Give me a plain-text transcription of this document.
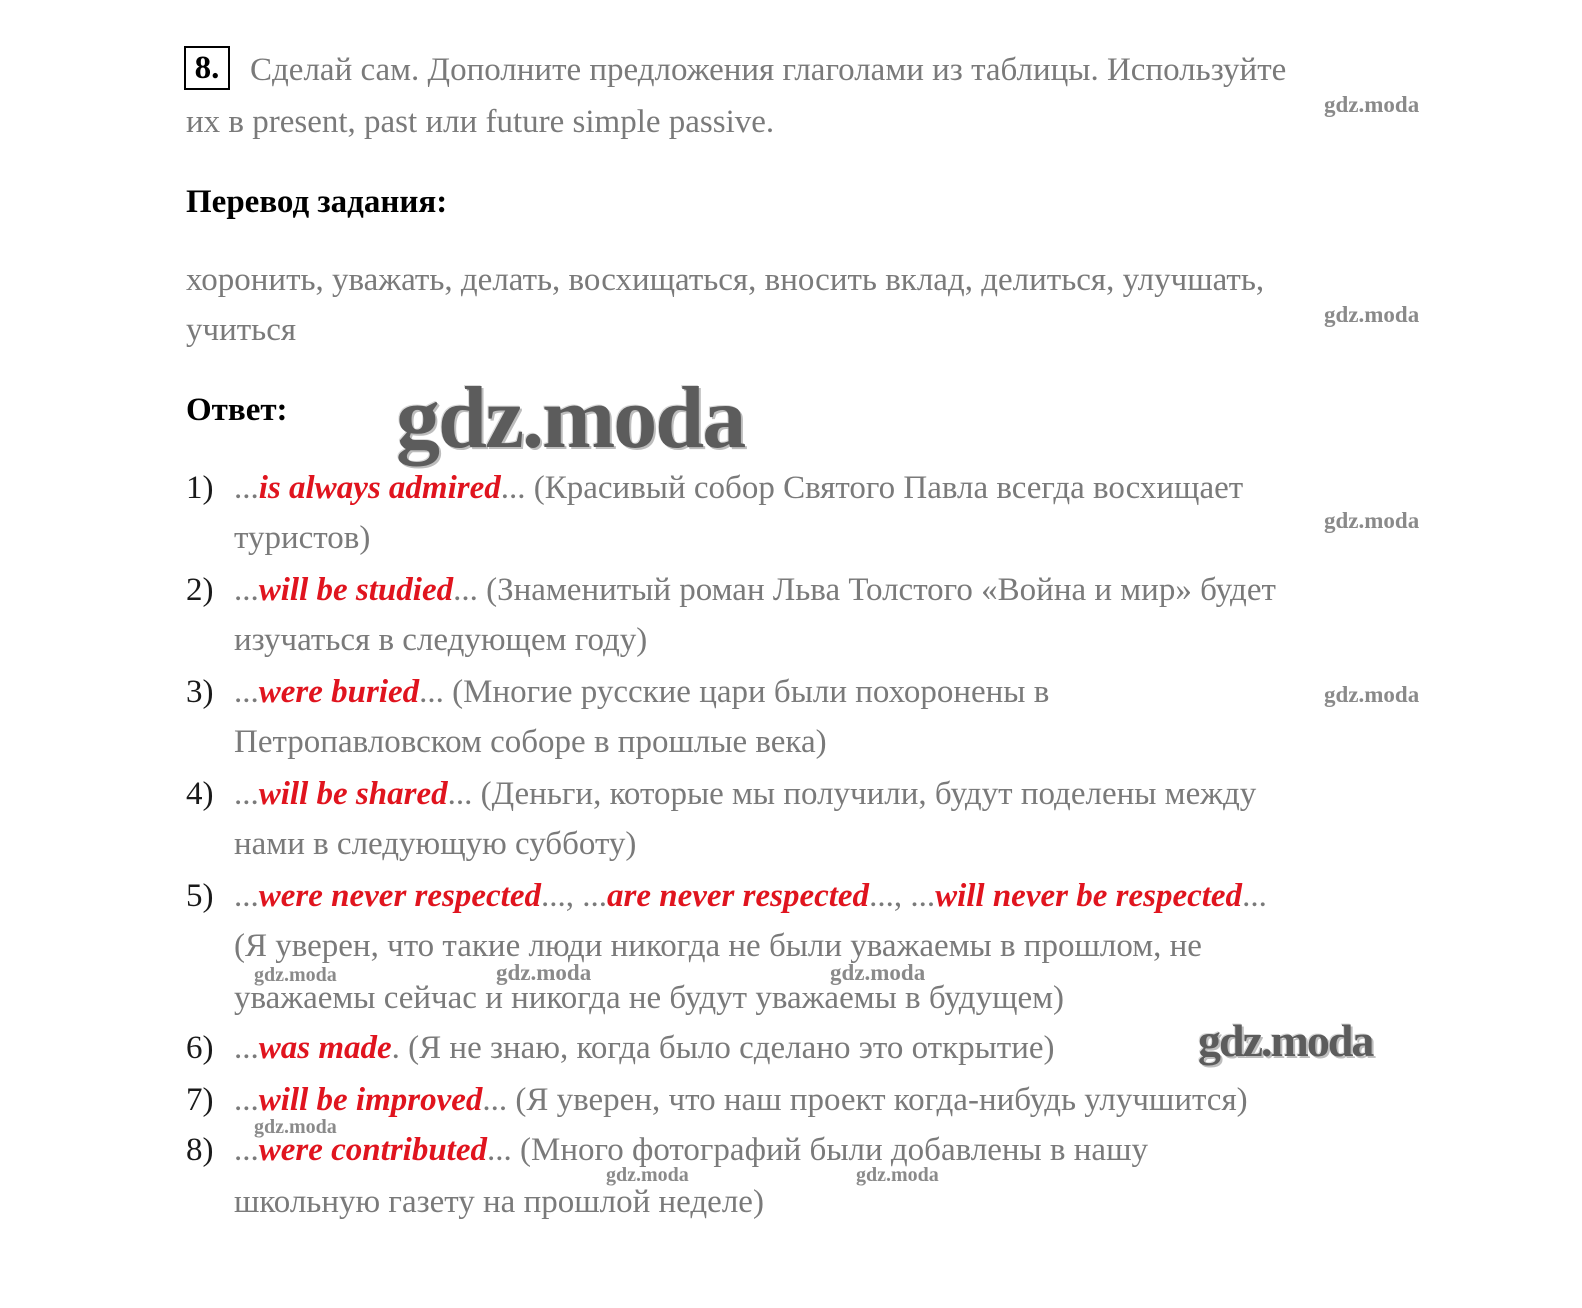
8. Сделай сам. Дополните предложения глаголами из таблицы. Используйте
их в present, past или future simple passive.
Перевод задания:
хоронить, уважать, делать, восхищаться, вносить вклад, делиться, улучшать,
учиться
Ответ:
1) ...is always admired... (Красивый собор Святого Павла всегда восхищает
туристов)
2) ...will be studied... (Знаменитый роман Льва Толстого «Война и мир» будет
изучаться в следующем году)
3) ...were buried... (Многие русские цари были похоронены в
Петропавловском соборе в прошлые века)
4) ...will be shared... (Деньги, которые мы получили, будут поделены между
нами в следующую субботу)
5) ...were never respected..., ...are never respected..., ...will never be respected...
(Я уверен, что такие люди никогда не были уважаемы в прошлом, не
уважаемы сейчас и никогда не будут уважаемы в будущем)
6) ...was made. (Я не знаю, когда было сделано это открытие)
7) ...will be improved... (Я уверен, что наш проект когда-нибудь улучшится)
8) ...were contributed... (Много фотографий были добавлены в нашу
школьную газету на прошлой неделе)
gdz.moda
gdz.moda
gdz.moda
gdz.moda
gdz.moda	gdz.moda	gdz.moda
gdz.moda
gdz.moda	gdz.moda
gdz.moda
gdz.moda
